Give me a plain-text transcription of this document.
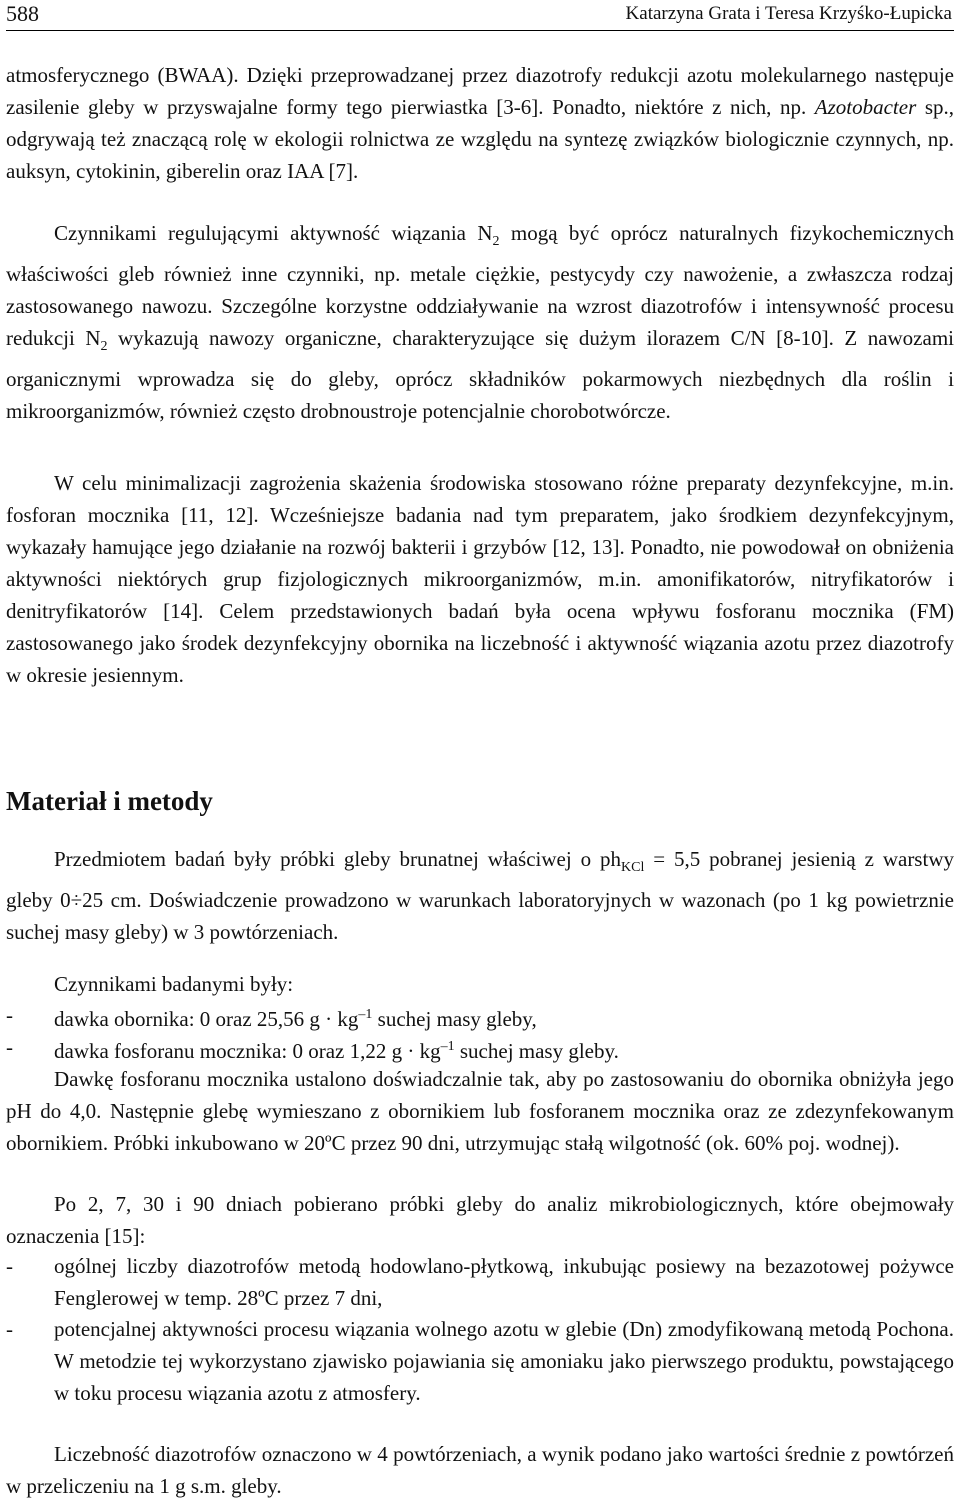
588	Katarzyna Grata i Teresa Krzyśko-Łupicka

atmosferycznego (BWAA). Dzięki przeprowadzanej przez diazotrofy redukcji azotu molekularnego następuje zasilenie gleby w przyswajalne formy tego pierwiastka [3-6]. Ponadto, niektóre z nich, np. Azotobacter sp., odgrywają też znaczącą rolę w ekologii rolnictwa ze względu na syntezę związków biologicznie czynnych, np. auksyn, cytokinin, giberelin oraz IAA [7].

Czynnikami regulującymi aktywność wiązania $N_2$ mogą być oprócz naturalnych fizykochemicznych właściwości gleb również inne czynniki, np. metale ciężkie, pestycydy czy nawożenie, a zwłaszcza rodzaj zastosowanego nawozu. Szczególne korzystne oddziaływanie na wzrost diazotrofów i intensywność procesu redukcji $N_2$ wykazują nawozy organiczne, charakteryzujące się dużym ilorazem C/N [8-10]. Z nawozami organicznymi wprowadza się do gleby, oprócz składników pokarmowych niezbędnych dla roślin i mikroorganizmów, również często drobnoustroje potencjalnie chorobotwórcze.

W celu minimalizacji zagrożenia skażenia środowiska stosowano różne preparaty dezynfekcyjne, m.in. fosforan mocznika [11, 12]. Wcześniejsze badania nad tym preparatem, jako środkiem dezynfekcyjnym, wykazały hamujące jego działanie na rozwój bakterii i grzybów [12, 13]. Ponadto, nie powodował on obniżenia aktywności niektórych grup fizjologicznych mikroorganizmów, m.in. amonifikatorów, nitryfikatorów i denitryfikatorów [14]. Celem przedstawionych badań była ocena wpływu fosforanu mocznika (FM) zastosowanego jako środek dezynfekcyjny obornika na liczebność i aktywność wiązania azotu przez diazotrofy w okresie jesiennym.

Materiał i metody

Przedmiotem badań były próbki gleby brunatnej właściwej o $ph_{KCl} = 5,5$ pobranej jesienią z warstwy gleby 0÷25 cm. Doświadczenie prowadzono w warunkach laboratoryjnych w wazonach (po 1 kg powietrznie suchej masy gleby) w 3 powtórzeniach.

Czynnikami badanymi były:

- dawka obornika: 0 oraz 25,56 $g \cdot kg^{-1}$ suchej masy gleby,
- dawka fosforanu mocznika: 0 oraz 1,22 $g \cdot kg^{-1}$ suchej masy gleby.

Dawkę fosforanu mocznika ustalono doświadczalnie tak, aby po zastosowaniu do obornika obniżyła jego pH do 4,0. Następnie glebę wymieszano z obornikiem lub fosforanem mocznika oraz ze zdezynfekowanym obornikiem. Próbki inkubowano w 20ºC przez 90 dni, utrzymując stałą wilgotność (ok. 60% poj. wodnej).

Po 2, 7, 30 i 90 dniach pobierano próbki gleby do analiz mikrobiologicznych, które obejmowały oznaczenia [15]:

- ogólnej liczby diazotrofów metodą hodowlano-płytkową, inkubując posiewy na bezazotowej pożywce Fenglerowej w temp. 28ºC przez 7 dni,
- potencjalnej aktywności procesu wiązania wolnego azotu w glebie (Dn) zmodyfikowaną metodą Pochona. W metodzie tej wykorzystano zjawisko pojawiania się amoniaku jako pierwszego produktu, powstającego w toku procesu wiązania azotu z atmosfery.

Liczebność diazotrofów oznaczono w 4 powtórzeniach, a wynik podano jako wartości średnie z powtórzeń w przeliczeniu na 1 g s.m. gleby.
